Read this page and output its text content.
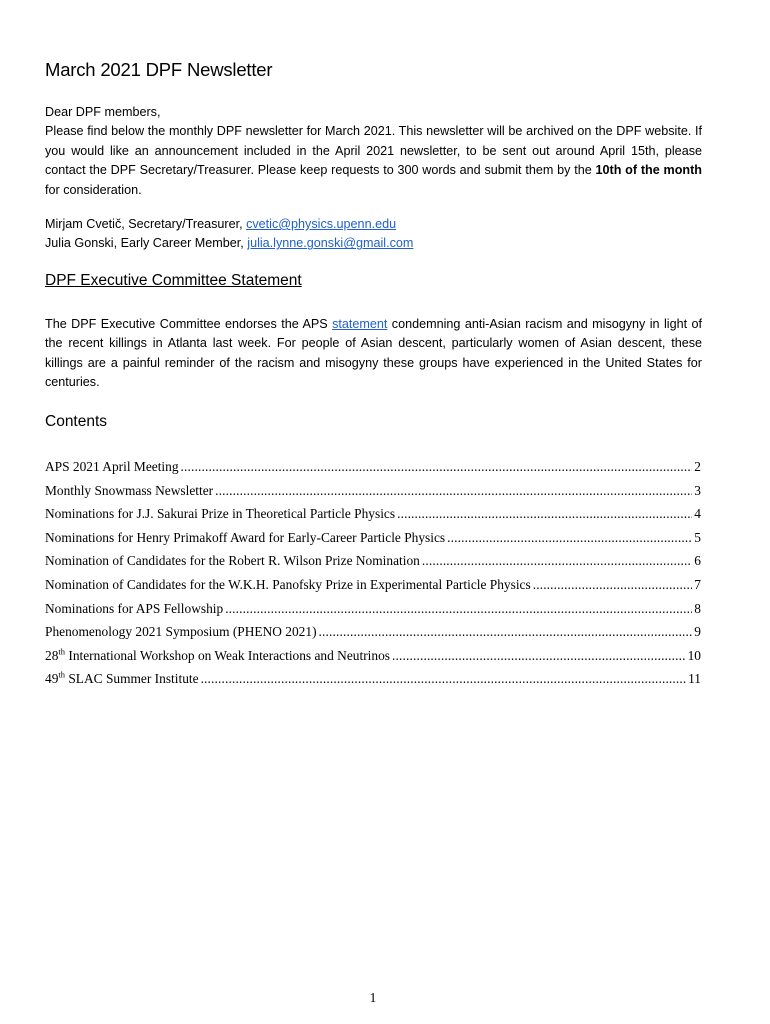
March 2021 DPF Newsletter

Dear DPF members,

Please find below the monthly DPF newsletter for March 2021. This newsletter will be archived on the DPF website. If you would like an announcement included in the April 2021 newsletter, to be sent out around April 15th, please contact the DPF Secretary/Treasurer. Please keep requests to 300 words and submit them by the 10th of the month for consideration.

Mirjam Cvetič, Secretary/Treasurer, cvetic@physics.upenn.edu
Julia Gonski, Early Career Member, julia.lynne.gonski@gmail.com
DPF Executive Committee Statement

The DPF Executive Committee endorses the APS statement condemning anti-Asian racism and misogyny in light of the recent killings in Atlanta last week. For people of Asian descent, particularly women of Asian descent, these killings are a painful reminder of the racism and misogyny these groups have experienced in the United States for centuries.

Contents
APS 2021 April Meeting . . .	2
Monthly Snowmass Newsletter . . .	3
Nominations for J.J. Sakurai Prize in Theoretical Particle Physics . . .	4
Nominations for Henry Primakoff Award for Early-Career Particle Physics . . .	5
Nomination of Candidates for the Robert R. Wilson Prize Nomination . . .	6
Nomination of Candidates for the W.K.H. Panofsky Prize in Experimental Particle Physics . . .	7
Nominations for APS Fellowship . . .	8
Phenomenology 2021 Symposium (PHENO 2021) . . .	9
28th International Workshop on Weak Interactions and Neutrinos . . .	10
49th SLAC Summer Institute . . .	11
1
